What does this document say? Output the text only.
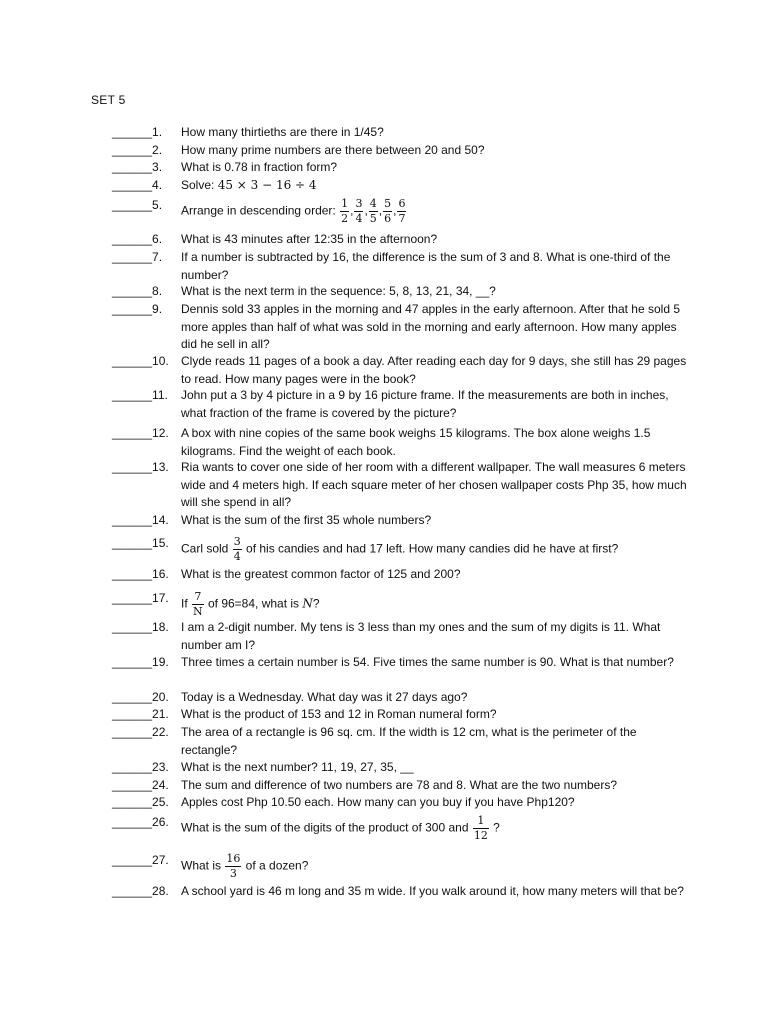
SET 5
______1.	How many thirtieths are there in 1/45?
______2.	How many prime numbers are there between 20 and 50?
______3.	What is 0.78 in fraction form?
______4.	Solve: 45 × 3 − 16 ÷ 4
______5.	Arrange in descending order: $\frac{1}{2}$ , $\frac{3}{4}$ , $\frac{4}{5}$ , $\frac{5}{6}$ , $\frac{6}{7}$
______6.	What is 43 minutes after 12:35 in the afternoon?
______7.	If a number is subtracted by 16, the difference is the sum of 3 and 8. What is one-third of the number?
______8.	What is the next term in the sequence: 5, 8, 13, 21, 34, __?
______9.	Dennis sold 33 apples in the morning and 47 apples in the early afternoon. After that he sold 5 more apples than half of what was sold in the morning and early afternoon. How many apples did he sell in all?
______10.	Clyde reads 11 pages of a book a day. After reading each day for 9 days, she still has 29 pages to read. How many pages were in the book?
______11.	John put a 3 by 4 picture in a 9 by 16 picture frame. If the measurements are both in inches, what fraction of the frame is covered by the picture?
______12.	A box with nine copies of the same book weighs 15 kilograms. The box alone weighs 1.5 kilograms. Find the weight of each book.
______13.	Ria wants to cover one side of her room with a different wallpaper. The wall measures 6 meters wide and 4 meters high. If each square meter of her chosen wallpaper costs Php 35, how much will she spend in all?
______14.	What is the sum of the first 35 whole numbers?
______15.	Carl sold $\frac{3}{4}$ of his candies and had 17 left. How many candies did he have at first?
______16.	What is the greatest common factor of 125 and 200?
______17.	If $\frac{7}{N}$ of 96=84, what is N?
______18.	I am a 2-digit number. My tens is 3 less than my ones and the sum of my digits is 11. What number am I?
______19.	Three times a certain number is 54. Five times the same number is 90. What is that number?
______20.	Today is a Wednesday. What day was it 27 days ago?
______21.	What is the product of 153 and 12 in Roman numeral form?
______22.	The area of a rectangle is 96 sq. cm. If the width is 12 cm, what is the perimeter of the rectangle?
______23.	What is the next number? 11, 19, 27, 35, __
______24.	The sum and difference of two numbers are 78 and 8. What are the two numbers?
______25.	Apples cost Php 10.50 each. How many can you buy if you have Php120?
______26.	What is the sum of the digits of the product of 300 and $\frac{1}{12}$ ?
______27.	What is $\frac{16}{3}$ of a dozen?
______28.	A school yard is 46 m long and 35 m wide. If you walk around it, how many meters will that be?
